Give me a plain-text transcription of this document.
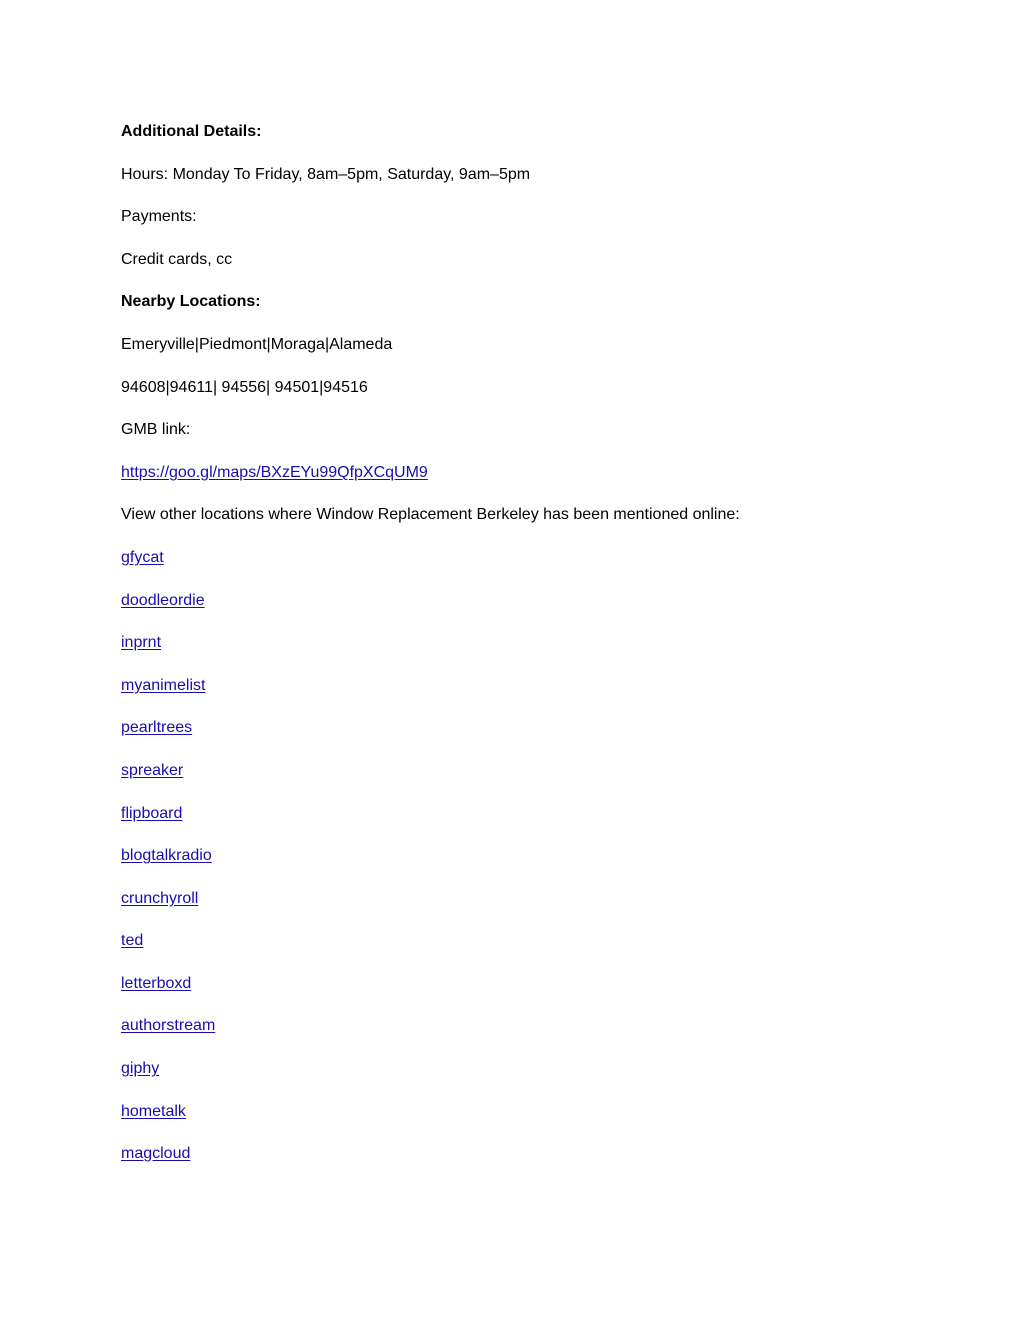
Additional Details:
Hours: Monday To Friday, 8am–5pm, Saturday, 9am–5pm
Payments:
Credit cards, cc
Nearby Locations:
Emeryville|Piedmont|Moraga|Alameda
94608|94611| 94556| 94501|94516
GMB link:
https://goo.gl/maps/BXzEYu99QfpXCqUM9
View other locations where Window Replacement Berkeley has been mentioned online:
gfycat
doodleordie
inprnt
myanimelist
pearltrees
spreaker
flipboard
blogtalkradio
crunchyroll
ted
letterboxd
authorstream
giphy
hometalk
magcloud
